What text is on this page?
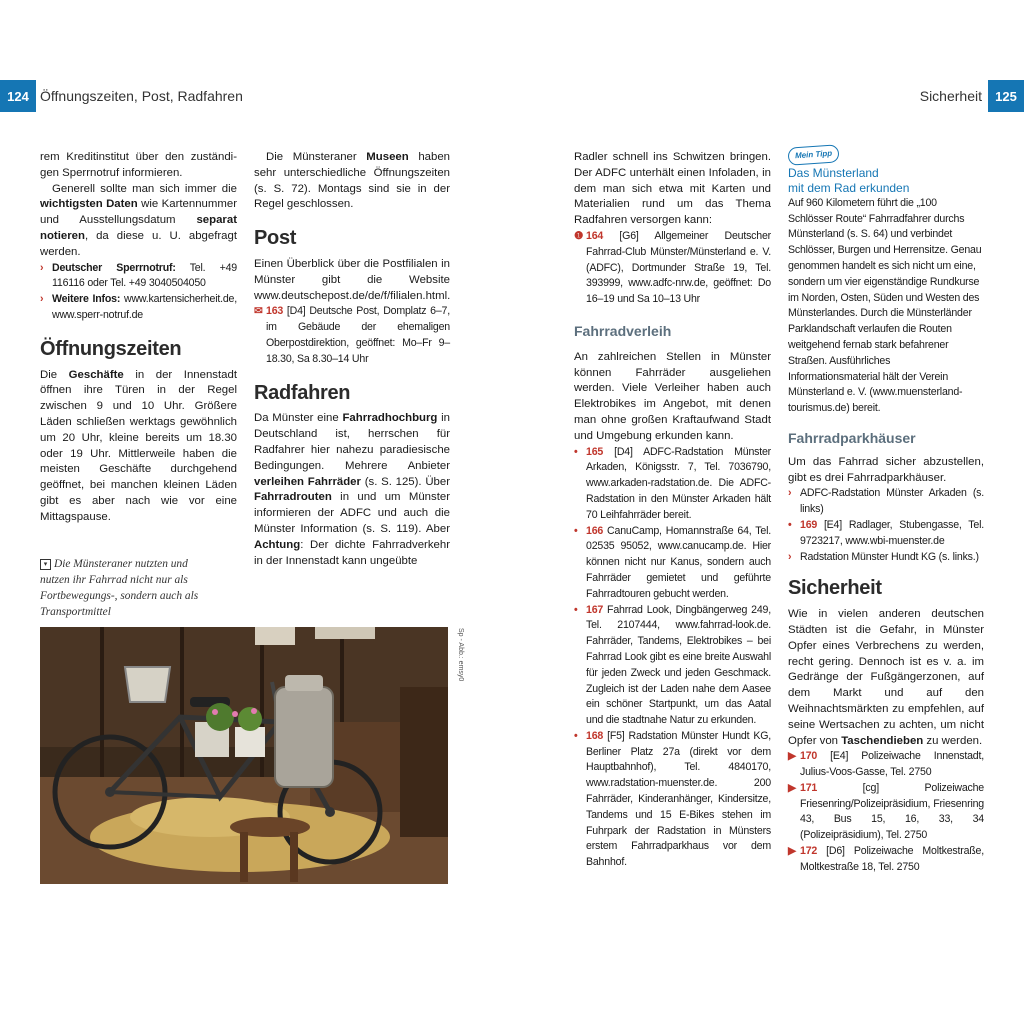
124 Öffnungszeiten, Post, Radfahren	Sicherheit	125

rem Kreditinstitut über den zuständi- gen Sperrnotruf informieren.

Generell sollte man sich immer die wichtigsten Daten wie Kartennummer und Ausstellungsdatum separat notieren, da diese u. U. abgefragt werden.

› Deutscher Sperrnotruf: Tel. +49 116116 oder Tel. +49 3040504050

› Weitere Infos: www.kartensicherheit.de, www.sperr-notruf.de

Öffnungszeiten

Die Geschäfte in der Innenstadt öffnen ihre Türen in der Regel zwischen 9 und 10 Uhr. Größere Läden schließen werktags gewöhnlich um 20 Uhr, kleine bereits um 18.30 oder 19 Uhr. Mittlerweile haben die meisten Geschäfte durchgehend geöffnet, bei manchen kleinen Läden gibt es aber nach wie vor eine Mittagspause.

▾ Die Münsteraner nutzten und nutzen ihr Fahrrad nicht nur als Fortbewegungs-, sondern auch als Transportmittel

Die Münsteraner Museen haben sehr unterschiedliche Öffnungszeiten (s. S. 72). Montags sind sie in der Regel geschlossen.

Post

Einen Überblick über die Postfilialen in Münster gibt die Website www.deutschepost.de/de/f/filialen.html.

✉ 163 [D4] Deutsche Post, Domplatz 6–7, im Gebäude der ehemaligen Oberpostdirektion, geöffnet: Mo–Fr 9–18.30, Sa 8.30–14 Uhr

Radfahren

Da Münster eine Fahrradhochburg in Deutschland ist, herrschen für Radfahrer hier nahezu paradiesische Bedingungen. Mehrere Anbieter verleihen Fahrräder (s. S. 125). Über Fahrradrouten in und um Münster informieren der ADFC und auch die Münster Information (s. S. 119). Aber Achtung: Der dichte Fahrradverkehr in der Innenstadt kann ungeübte

Sp - Abb.: emsy0

Radler schnell ins Schwitzen bringen. Der ADFC unterhält einen Infoladen, in dem man sich etwa mit Karten und Materialien rund um das Thema Radfahren versorgen kann:

❶ 164 [G6] Allgemeiner Deutscher Fahrrad-Club Münster/Münsterland e. V. (ADFC), Dortmunder Straße 19, Tel. 393999, www.adfc-nrw.de, geöffnet: Do 16–19 und Sa 10–13 Uhr

Fahrradverleih

An zahlreichen Stellen in Münster können Fahrräder ausgeliehen werden. Viele Verleiher haben auch Elektrobikes im Angebot, mit denen man ohne großen Kraftaufwand Stadt und Umgebung erkunden kann.

• 165 [D4] ADFC-Radstation Münster Arkaden, Königsstr. 7, Tel. 7036790, www.arkaden-radstation.de. Die ADFC-Radstation in den Münster Arkaden hält 70 Leihfahrräder bereit.

• 166 CanuCamp, Homannstraße 64, Tel. 02535 95052, www.canucamp.de. Hier können nicht nur Kanus, sondern auch Fahrräder gemietet und geführte Fahrradtouren gebucht werden.

• 167 Fahrrad Look, Dingbängerweg 249, Tel. 2107444, www.fahrrad-look.de. Fahrräder, Tandems, Elektrobikes – bei Fahrrad Look gibt es eine breite Auswahl für jeden Zweck und jeden Geschmack. Zugleich ist der Laden nahe dem Aasee ein schöner Startpunkt, um das Aatal und die stadtnahe Natur zu erkunden.

• 168 [F5] Radstation Münster Hundt KG, Berliner Platz 27a (direkt vor dem Hauptbahnhof), Tel. 4840170, www.radstation-muenster.de. 200 Fahrräder, Kinderanhänger, Kindersitze, Tandems und 15 E-Bikes stehen im Fuhrpark der Radstation in Münsters erstem Fahrradparkhaus vor dem Bahnhof.

Mein Tipp
Das Münsterland
mit dem Rad erkunden
Auf 960 Kilometern führt die „100 Schlösser Route“ Fahrradfahrer durchs Münsterland (s. S. 64) und verbindet Schlösser, Burgen und Herrensitze. Genau genommen handelt es sich nicht um eine, sondern um vier eigenständige Rundkurse im Norden, Osten, Süden und Westen des Münsterlandes. Durch die Münsterländer Parklandschaft verlaufen die Routen weitgehend fernab stark befahrener Straßen. Ausführliches Informationsmaterial hält der Verein Münsterland e. V. (www.muensterland-tourismus.de) bereit.
Fahrradparkhäuser

Um das Fahrrad sicher abzustellen, gibt es drei Fahrradparkhäuser.

› ADFC-Radstation Münster Arkaden (s. links)

• 169 [E4] Radlager, Stubengasse, Tel. 9723217, www.wbi-muenster.de

› Radstation Münster Hundt KG (s. links.)

Sicherheit

Wie in vielen anderen deutschen Städten ist die Gefahr, in Münster Opfer eines Verbrechens zu werden, recht gering. Dennoch ist es v. a. im Gedränge der Fußgängerzonen, auf dem Markt und auf den Weihnachtsmärkten zu empfehlen, auf seine Wertsachen zu achten, um nicht Opfer von Taschendieben zu werden.

▶ 170 [E4] Polizeiwache Innenstadt, Julius-Voos-Gasse, Tel. 2750

▶ 171 [cg] Polizeiwache Friesenring/Polizeipräsidium, Friesenring 43, Bus 15, 16, 33, 34 (Polizeipräsidium), Tel. 2750

▶ 172 [D6] Polizeiwache Moltkestraße, Moltkestraße 18, Tel. 2750
